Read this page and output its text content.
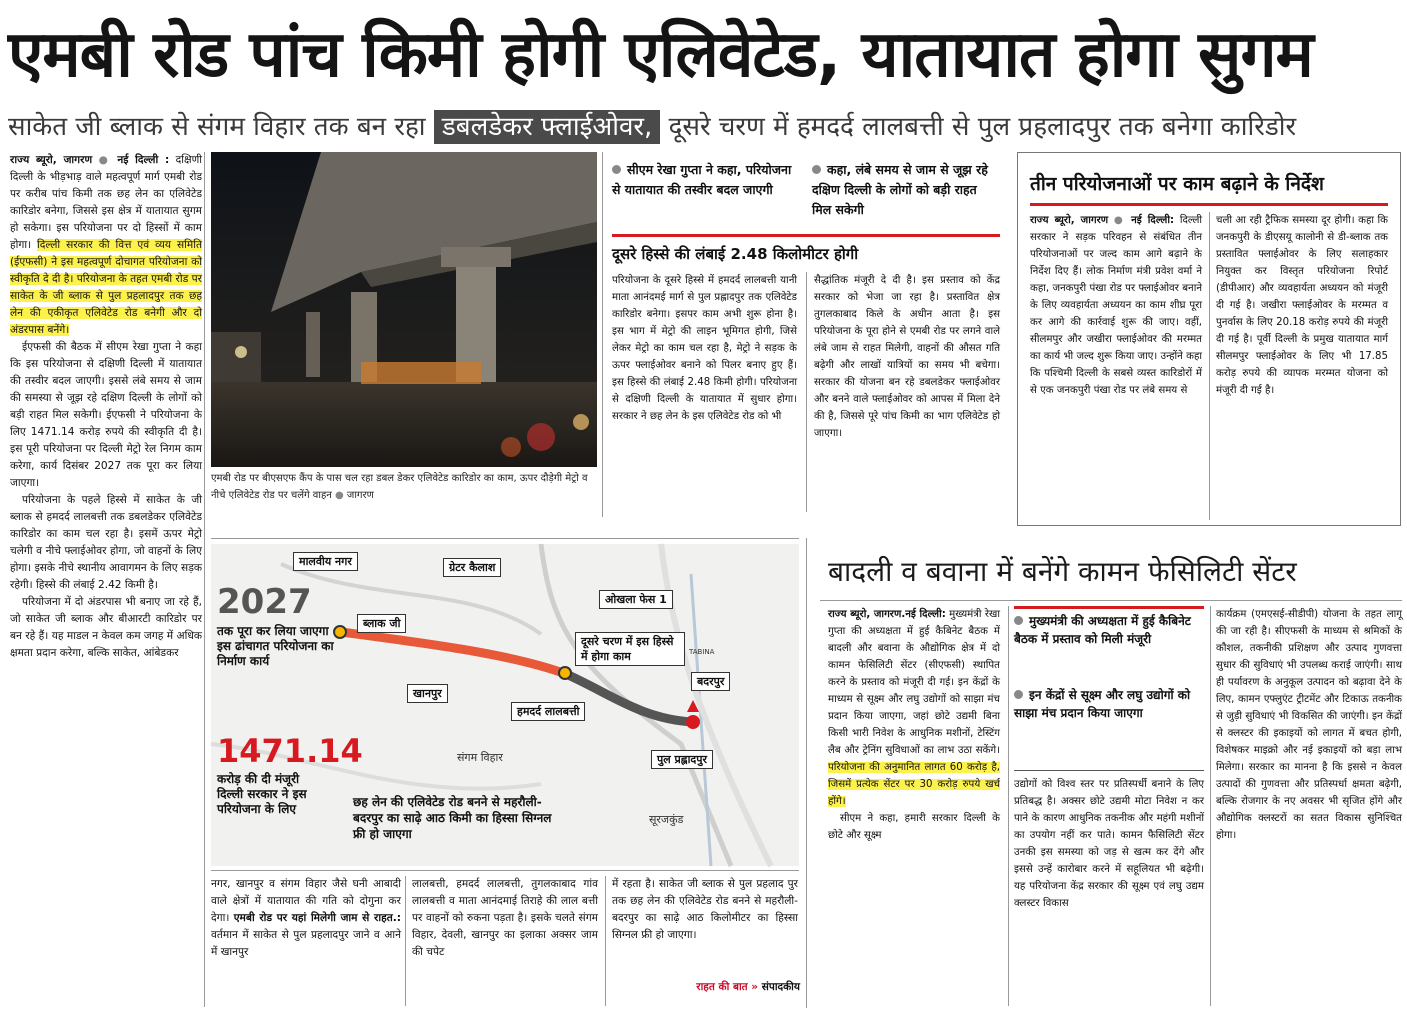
एमबी रोड पांच किमी होगी एलिवेटेड, यातायात होगा सुगम
साकेत जी ब्लाक से संगम विहार तक बन रहा डबलडेकर फ्लाईओवर, दूसरे चरण में हमदर्द लालबत्ती से पुल प्रहलादपुर तक बनेगा कारिडोर

राज्य ब्यूरो, जागरण ● नई दिल्ली : दक्षिणी दिल्ली के भीड़भाड़ वाले महत्वपूर्ण मार्ग एमबी रोड पर करीब पांच किमी तक छह लेन का एलिवेटेड कारिडोर बनेगा, जिससे इस क्षेत्र में यातायात सुगम हो सकेगा। इस परियोजना पर दो हिस्सों में काम होगा। दिल्ली सरकार की वित्त एवं व्यय समिति (ईएफसी) ने इस महत्वपूर्ण दोचागत परियोजना को स्वीकृति दे दी है। परियोजना के तहत एमबी रोड पर साकेत के जी ब्लाक से पुल प्रहलादपुर तक छह लेन की एकीकृत एलिवेटेड रोड बनेगी और दो अंडरपास बनेंगे।

ईएफसी की बैठक में सीएम रेखा गुप्ता ने कहा कि इस परियोजना से दक्षिणी दिल्ली में यातायात की तस्वीर बदल जाएगी। इससे लंबे समय से जाम की समस्या से जूझ रहे दक्षिण दिल्ली के लोगों को बड़ी राहत मिल सकेगी। ईएफसी ने परियोजना के लिए 1471.14 करोड़ रुपये की स्वीकृति दी है। इस पूरी परियोजना पर दिल्ली मेट्रो रेल निगम काम करेगा, कार्य दिसंबर 2027 तक पूरा कर लिया जाएगा।

परियोजना के पहले हिस्से में साकेत के जी ब्लाक से हमदर्द लालबत्ती तक डबलडेकर एलिवेटेड कारिडोर का काम चल रहा है। इसमें ऊपर मेट्रो चलेगी व नीचे फ्लाईओवर होगा, जो वाहनों के लिए होगा। इसके नीचे स्थानीय आवागमन के लिए सड़क रहेगी। हिस्से की लंबाई 2.42 किमी है।

परियोजना में दो अंडरपास भी बनाए जा रहे हैं, जो साकेत जी ब्लाक और बीआरटी कारिडोर पर बन रहे हैं। यह माडल न केवल कम जगह में अधिक क्षमता प्रदान करेगा, बल्कि साकेत, आंबेडकर

एमबी रोड पर बीएसएफ कैंप के पास चल रहा डबल डेकर एलिवेटेड कारिडोर का काम, ऊपर दौड़ेगी मेट्रो व नीचे एलिवेटेड रोड पर चलेंगे वाहन ● जागरण
सीएम रेखा गुप्ता ने कहा, परियोजना से यातायात की तस्वीर बदल जाएगी
कहा, लंबे समय से जाम से जूझ रहे दक्षिण दिल्ली के लोगों को बड़ी राहत मिल सकेगी
दूसरे हिस्से की लंबाई 2.48 किलोमीटर होगी
परियोजना के दूसरे हिस्से में हमदर्द लालबत्ती यानी माता आनंदमई मार्ग से पुल प्रह्लादपुर तक एलिवेटेड कारिडोर बनेगा। इसपर काम अभी शुरू होना है। इस भाग में मेट्रो की लाइन भूमिगत होगी, जिसे लेकर मेट्रो का काम चल रहा है, मेट्रो ने सड़क के ऊपर फ्लाईओवर बनाने को पिलर बनाए हुए हैं। इस हिस्से की लंबाई 2.48 किमी होगी। परियोजना से दक्षिणी दिल्ली के यातायात में सुधार होगा। सरकार ने छह लेन के इस एलिवेटेड रोड को भी
सैद्धांतिक मंजूरी दे दी है। इस प्रस्ताव को केंद्र सरकार को भेजा जा रहा है। प्रस्तावित क्षेत्र तुगलकाबाद किले के अधीन आता है। इस परियोजना के पूरा होने से एमबी रोड पर लगने वाले लंबे जाम से राहत मिलेगी, वाहनों की औसत गति बढ़ेगी और लाखों यात्रियों का समय भी बचेगा। सरकार की योजना बन रहे डबलडेकर फ्लाईओवर और बनने वाले फ्लाईओवर को आपस में मिला देने की है, जिससे पूरे पांच किमी का भाग एलिवेटेड हो जाएगा।
तीन परियोजनाओं पर काम बढ़ाने के निर्देश
राज्य ब्यूरो, जागरण ● नई दिल्ली: दिल्ली सरकार ने सड़क परिवहन से संबंधित तीन परियोजनाओं पर जल्द काम आगे बढ़ाने के निर्देश दिए हैं। लोक निर्माण मंत्री प्रवेश वर्मा ने कहा, जनकपुरी पंखा रोड पर फ्लाईओवर बनाने के लिए व्यवहार्यता अध्ययन का काम शीघ्र पूरा कर आगे की कार्रवाई शुरू की जाए। वहीं, सीलमपुर और जखीरा फ्लाईओवर की मरम्मत का कार्य भी जल्द शुरू किया जाए। उन्होंने कहा कि पश्चिमी दिल्ली के सबसे व्यस्त कारिडोरों में से एक जनकपुरी पंखा रोड पर लंबे समय से
चली आ रही ट्रैफिक समस्या दूर होगी। कहा कि जनकपुरी के डीएसयू कालोनी से डी-ब्लाक तक प्रस्तावित फ्लाईओवर के लिए सलाहकार नियुक्त कर विस्तृत परियोजना रिपोर्ट (डीपीआर) और व्यवहार्यता अध्ययन को मंजूरी दी गई है। जखीरा फ्लाईओवर के मरम्मत व पुनर्वास के लिए 20.18 करोड़ रुपये की मंजूरी दी गई है। पूर्वी दिल्ली के प्रमुख यातायात मार्ग सीलमपुर फ्लाईओवर के लिए भी 17.85 करोड़ रुपये की व्यापक मरम्मत योजना को मंजूरी दी गई है।
मालवीय नगर	ग्रेटर कैलाश
ओखला फेस 1
ब्लाक जी
खानपुर
हमदर्द लालबत्ती
बदरपुर
पुल प्रह्लादपुर
संगम विहार
सूरजकुंड
TABINA
दूसरे चरण में इस हिस्से में होगा काम
2027
तक पूरा कर लिया जाएगा इस ढांचागत परियोजना का निर्माण कार्य
1471.14
करोड़ की दी मंजूरी दिल्ली सरकार ने इस परियोजना के लिए	छह लेन की एलिवेटेड रोड बनने से महरौली-बदरपुर का साढ़े आठ किमी का हिस्सा सिग्नल फ्री हो जाएगा
नगर, खानपुर व संगम विहार जैसे घनी आबादी वाले क्षेत्रों में यातायात की गति को दोगुना कर देगा। एमबी रोड पर यहां मिलेगी जाम से राहत.: वर्तमान में साकेत से पुल प्रहलादपुर जाने व आने में खानपुर
लालबत्ती, हमदर्द लालबत्ती, तुगलकाबाद गांव लालबत्ती व माता आनंदमाई तिराहे की लाल बत्ती पर वाहनों को रुकना पड़ता है। इसके चलते संगम विहार, देवली, खानपुर का इलाका अक्सर जाम की चपेट
में रहता है। साकेत जी ब्लाक से पुल प्रहलाद पुर तक छह लेन की एलिवेटेड रोड बनने से महरौली-बदरपुर का साढ़े आठ किलोमीटर का हिस्सा सिग्नल फ्री हो जाएगा।
राहत की बात » संपादकीय
बादली व बवाना में बनेंगे कामन फेसिलिटी सेंटर
राज्य ब्यूरो, जागरण.नई दिल्ली: मुख्यमंत्री रेखा गुप्ता की अध्यक्षता में हुई कैबिनेट बैठक में बादली और बवाना के औद्योगिक क्षेत्र में दो कामन फेसिलिटी सेंटर (सीएफसी) स्थापित करने के प्रस्ताव को मंजूरी दी गई। इन केंद्रों के माध्यम से सूक्ष्म और लघु उद्योगों को साझा मंच प्रदान किया जाएगा, जहां छोटे उद्यमी बिना किसी भारी निवेश के आधुनिक मशीनों, टेस्टिंग लैब और ट्रेनिंग सुविधाओं का लाभ उठा सकेंगे। परियोजना की अनुमानित लागत 60 करोड़ है, जिसमें प्रत्येक सेंटर पर 30 करोड़ रुपये खर्च होंगे।
सीएम ने कहा, हमारी सरकार दिल्ली के छोटे और सूक्ष्म
मुख्यमंत्री की अध्यक्षता में हुई कैबिनेट बैठक में प्रस्ताव को मिली मंजूरी
इन केंद्रों से सूक्ष्म और लघु उद्योगों को साझा मंच प्रदान किया जाएगा
उद्योगों को विश्व स्तर पर प्रतिस्पर्धी बनाने के लिए प्रतिबद्ध है। अक्सर छोटे उद्यमी मोटा निवेश न कर पाने के कारण आधुनिक तकनीक और महंगी मशीनों का उपयोग नहीं कर पाते। कामन फैसिलिटी सेंटर उनकी इस समस्या को जड़ से खत्म कर देंगे और इससे उन्हें कारोबार करने में सहूलियत भी बढ़ेगी। यह परियोजना केंद्र सरकार की सूक्ष्म एवं लघु उद्यम क्लस्टर विकास
कार्यक्रम (एमएसई-सीडीपी) योजना के तहत लागू की जा रही है। सीएफसी के माध्यम से श्रमिकों के कौशल, तकनीकी प्रशिक्षण और उत्पाद गुणवत्ता सुधार की सुविधाएं भी उपलब्ध कराई जाएंगी। साथ ही पर्यावरण के अनुकूल उत्पादन को बढ़ावा देने के लिए, कामन एफ्लुएंट ट्रीटमेंट और टिकाऊ तकनीक से जुड़ी सुविधाएं भी विकसित की जाएंगी। इन केंद्रों से क्लस्टर की इकाइयों को लागत में बचत होगी, विशेषकर माइक्रो और नई इकाइयों को बड़ा लाभ मिलेगा। सरकार का मानना है कि इससे न केवल उत्पादों की गुणवत्ता और प्रतिस्पर्धा क्षमता बढ़ेगी, बल्कि रोजगार के नए अवसर भी सृजित होंगे और औद्योगिक क्लस्टरों का सतत विकास सुनिश्चित होगा।
